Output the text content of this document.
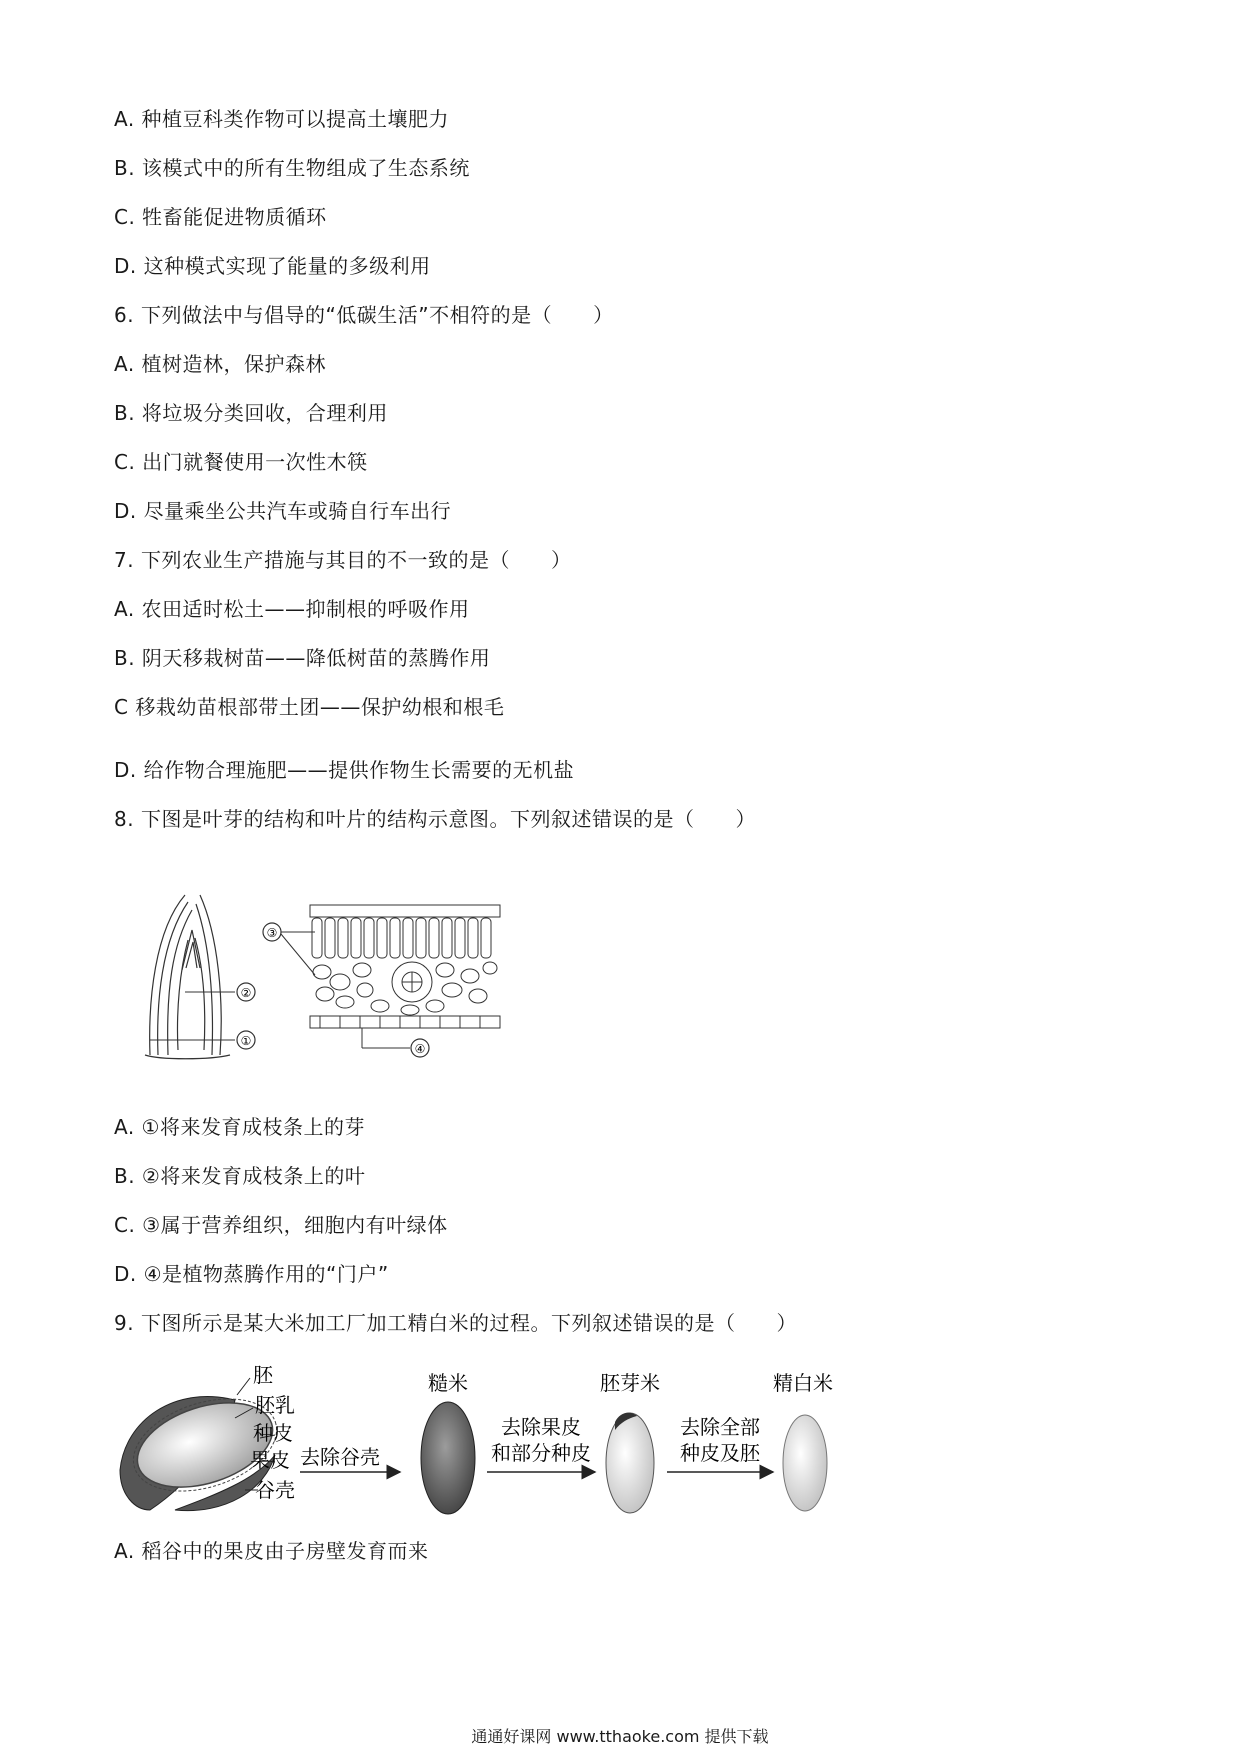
A. 种植豆科类作物可以提高土壤肥力
B. 该模式中的所有生物组成了生态系统
C. 牲畜能促进物质循环
D. 这种模式实现了能量的多级利用
6. 下列做法中与倡导的“低碳生活”不相符的是（　　）
A. 植树造林，保护森林
B. 将垃圾分类回收，合理利用
C. 出门就餐使用一次性木筷
D. 尽量乘坐公共汽车或骑自行车出行
7. 下列农业生产措施与其目的不一致的是（　　）
A. 农田适时松土——抑制根的呼吸作用
B. 阴天移栽树苗——降低树苗的蒸腾作用
C 移栽幼苗根部带土团——保护幼根和根毛
D. 给作物合理施肥——提供作物生长需要的无机盐
8. 下图是叶芽的结构和叶片的结构示意图。下列叙述错误的是（　　）
②
①
③
④
A. ①将来发育成枝条上的芽
B. ②将来发育成枝条上的叶
C. ③属于营养组织，细胞内有叶绿体
D. ④是植物蒸腾作用的“门户”
9. 下图所示是某大米加工厂加工精白米的过程。下列叙述错误的是（　　）
胚
胚乳
种皮
果皮
谷壳
去除谷壳
糙米
去除果皮
和部分种皮
胚芽米
去除全部
种皮及胚
精白米
A. 稻谷中的果皮由子房壁发育而来
通通好课网 www.tthaoke.com 提供下载
